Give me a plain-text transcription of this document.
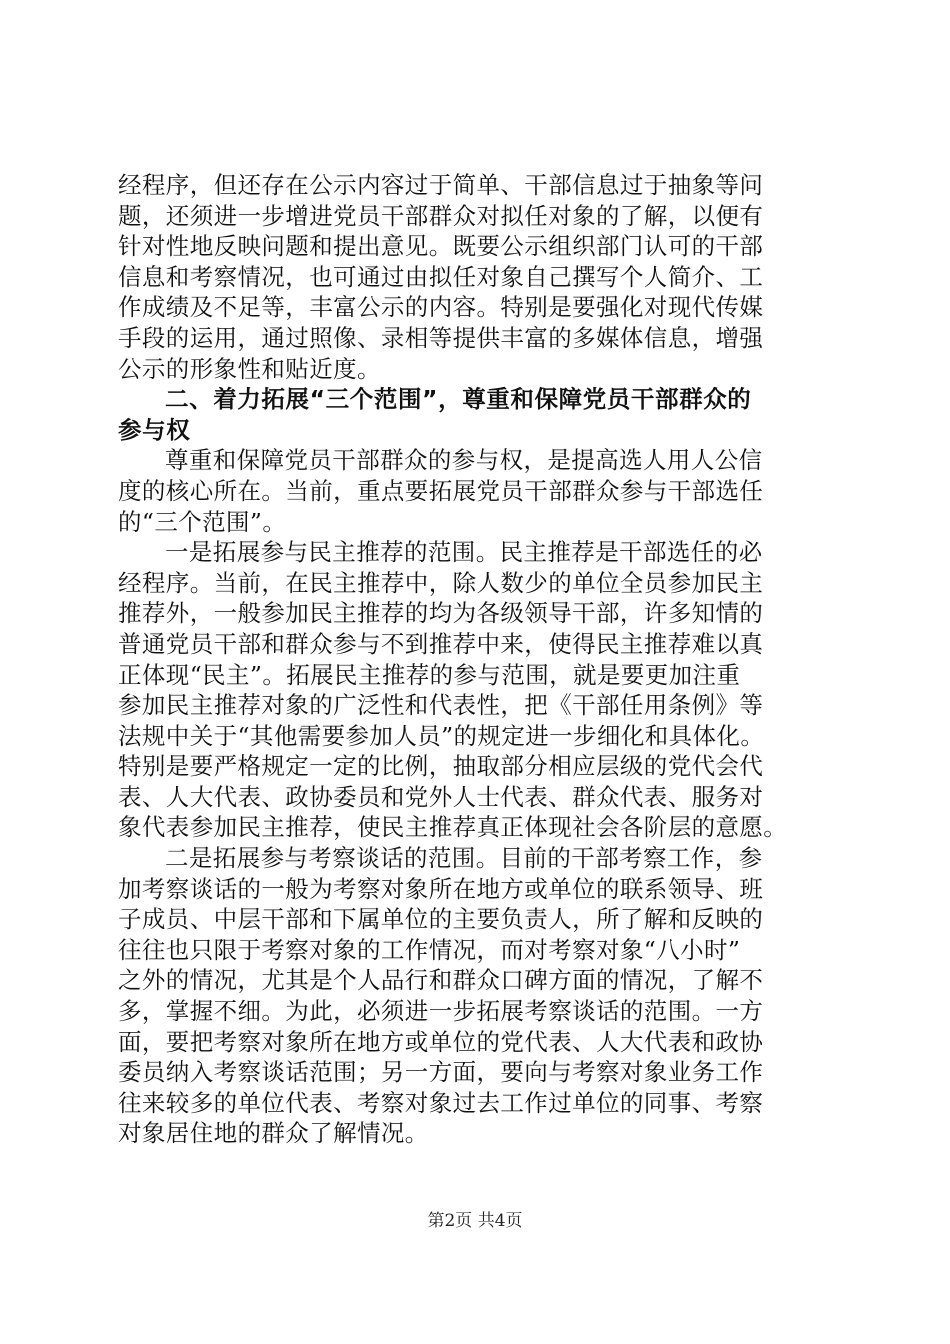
经程序，但还存在公示内容过于简单、干部信息过于抽象等问
题，还须进一步增进党员干部群众对拟任对象的了解，以便有
针对性地反映问题和提出意见。既要公示组织部门认可的干部
信息和考察情况，也可通过由拟任对象自己撰写个人简介、工
作成绩及不足等，丰富公示的内容。特别是要强化对现代传媒
手段的运用，通过照像、录相等提供丰富的多媒体信息，增强
公示的形象性和贴近度。
二、着力拓展“三个范围”，尊重和保障党员干部群众的
参与权
尊重和保障党员干部群众的参与权，是提高选人用人公信
度的核心所在。当前，重点要拓展党员干部群众参与干部选任
的“三个范围”。
一是拓展参与民主推荐的范围。民主推荐是干部选任的必
经程序。当前，在民主推荐中，除人数少的单位全员参加民主
推荐外，一般参加民主推荐的均为各级领导干部，许多知情的
普通党员干部和群众参与不到推荐中来，使得民主推荐难以真
正体现“民主”。拓展民主推荐的参与范围，就是要更加注重
参加民主推荐对象的广泛性和代表性，把《干部任用条例》等
法规中关于“其他需要参加人员”的规定进一步细化和具体化。
特别是要严格规定一定的比例，抽取部分相应层级的党代会代
表、人大代表、政协委员和党外人士代表、群众代表、服务对
象代表参加民主推荐，使民主推荐真正体现社会各阶层的意愿。
二是拓展参与考察谈话的范围。目前的干部考察工作，参
加考察谈话的一般为考察对象所在地方或单位的联系领导、班
子成员、中层干部和下属单位的主要负责人，所了解和反映的
往往也只限于考察对象的工作情况，而对考察对象“八小时”
之外的情况，尤其是个人品行和群众口碑方面的情况，了解不
多，掌握不细。为此，必须进一步拓展考察谈话的范围。一方
面，要把考察对象所在地方或单位的党代表、人大代表和政协
委员纳入考察谈话范围；另一方面，要向与考察对象业务工作
往来较多的单位代表、考察对象过去工作过单位的同事、考察
对象居住地的群众了解情况。
第2页 共4页
